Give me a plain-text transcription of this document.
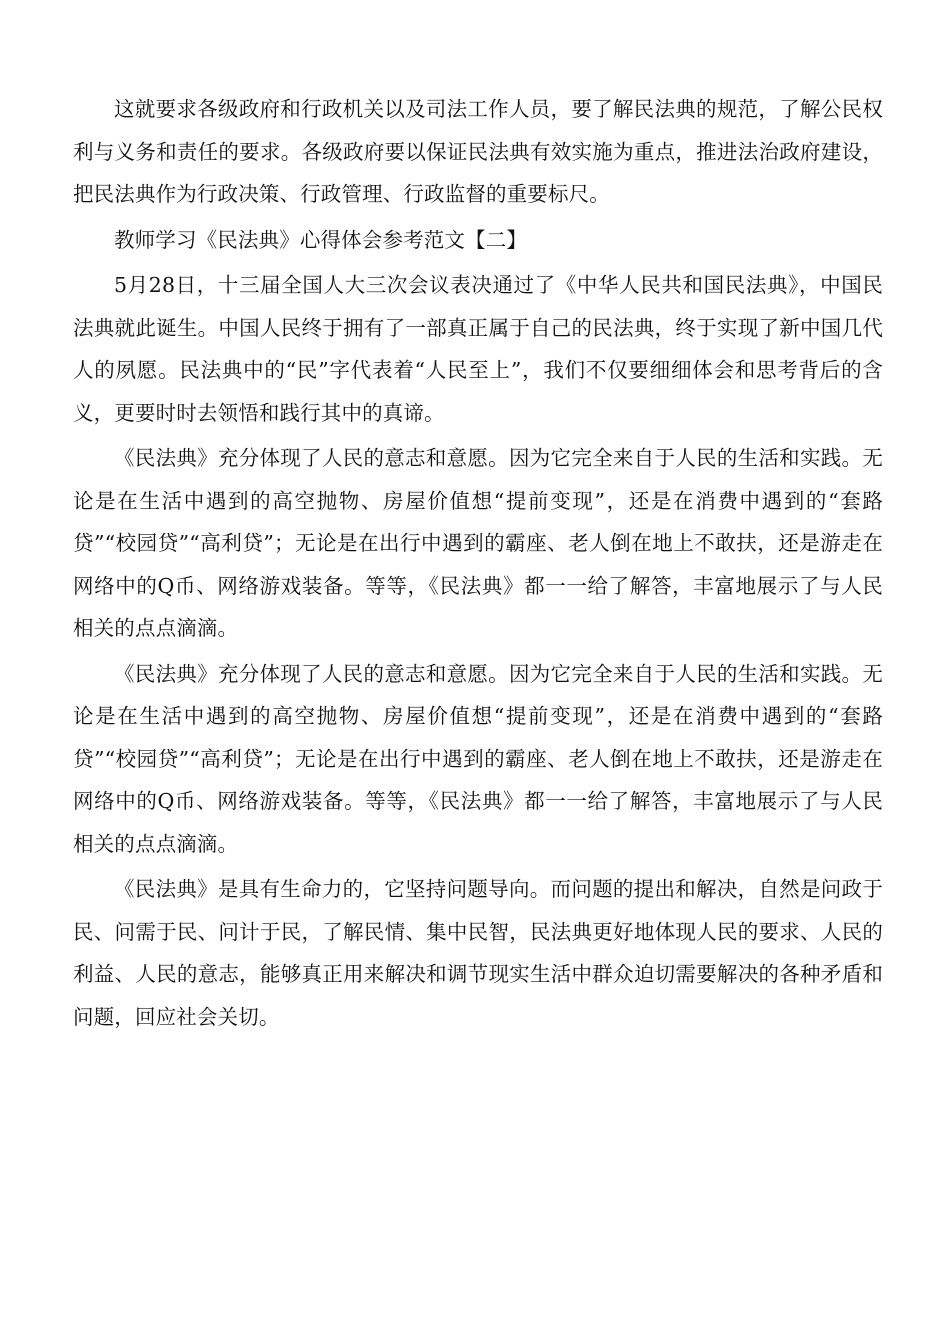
这就要求各级政府和行政机关以及司法工作人员，要了解民法典的规范，了解公民权利与义务和责任的要求。各级政府要以保证民法典有效实施为重点，推进法治政府建设，把民法典作为行政决策、行政管理、行政监督的重要标尺。

教师学习《民法典》心得体会参考范文【二】

5月28日，十三届全国人大三次会议表决通过了《中华人民共和国民法典》，中国民法典就此诞生。中国人民终于拥有了一部真正属于自己的民法典，终于实现了新中国几代人的夙愿。民法典中的“民”字代表着“人民至上”，我们不仅要细细体会和思考背后的含义，更要时时去领悟和践行其中的真谛。

《民法典》充分体现了人民的意志和意愿。因为它完全来自于人民的生活和实践。无论是在生活中遇到的高空抛物、房屋价值想“提前变现”，还是在消费中遇到的“套路贷”“校园贷”“高利贷”；无论是在出行中遇到的霸座、老人倒在地上不敢扶，还是游走在网络中的Q币、网络游戏装备。等等，《民法典》都一一给了解答，丰富地展示了与人民相关的点点滴滴。

《民法典》充分体现了人民的意志和意愿。因为它完全来自于人民的生活和实践。无论是在生活中遇到的高空抛物、房屋价值想“提前变现”，还是在消费中遇到的“套路贷”“校园贷”“高利贷”；无论是在出行中遇到的霸座、老人倒在地上不敢扶，还是游走在网络中的Q币、网络游戏装备。等等，《民法典》都一一给了解答，丰富地展示了与人民相关的点点滴滴。

《民法典》是具有生命力的，它坚持问题导向。而问题的提出和解决，自然是问政于民、问需于民、问计于民，了解民情、集中民智，民法典更好地体现人民的要求、人民的利益、人民的意志，能够真正用来解决和调节现实生活中群众迫切需要解决的各种矛盾和问题，回应社会关切。
